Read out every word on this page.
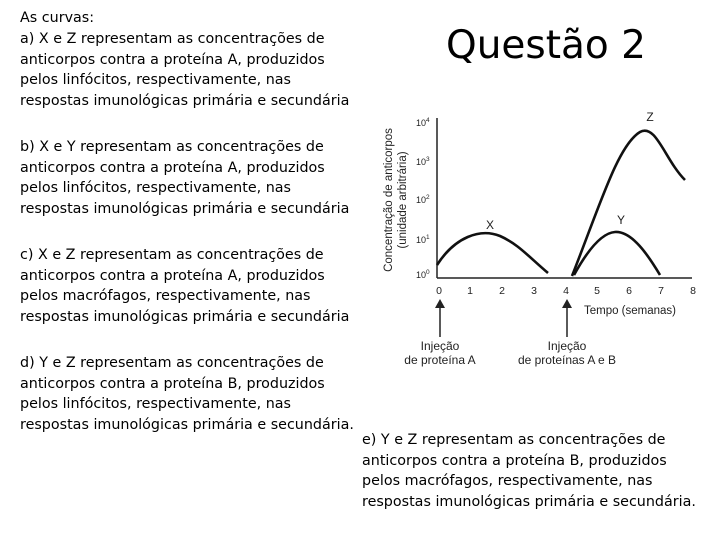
As curvas:
a) X e Z representam as concentrações de
anticorpos contra a proteína A, produzidos
pelos linfócitos, respectivamente, nas
respostas imunológicas primária e secundária
b) X e Y representam as concentrações de
anticorpos contra a proteína A, produzidos
pelos linfócitos, respectivamente, nas
respostas imunológicas primária e secundária
c) X e Z representam as concentrações de
anticorpos contra a proteína A, produzidos
pelos macrófagos, respectivamente, nas
respostas imunológicas primária e secundária
d) Y e Z representam as concentrações de
anticorpos contra a proteína B, produzidos
pelos linfócitos, respectivamente, nas
respostas imunológicas primária e secundária.
e) Y e Z representam as concentrações de
anticorpos contra a proteína B, produzidos
pelos macrófagos, respectivamente, nas
respostas imunológicas primária e secundária.
Questão 2
Concentração de anticorpos (unidade arbitrária)
$10^4$
$10^3$
$10^2$
$10^1$
$10^0$
0 1 2 3 4 5 6 7 8
Tempo (semanas)
X	Y
Z
Injeção
de proteína A
Injeção
de proteínas A e B
